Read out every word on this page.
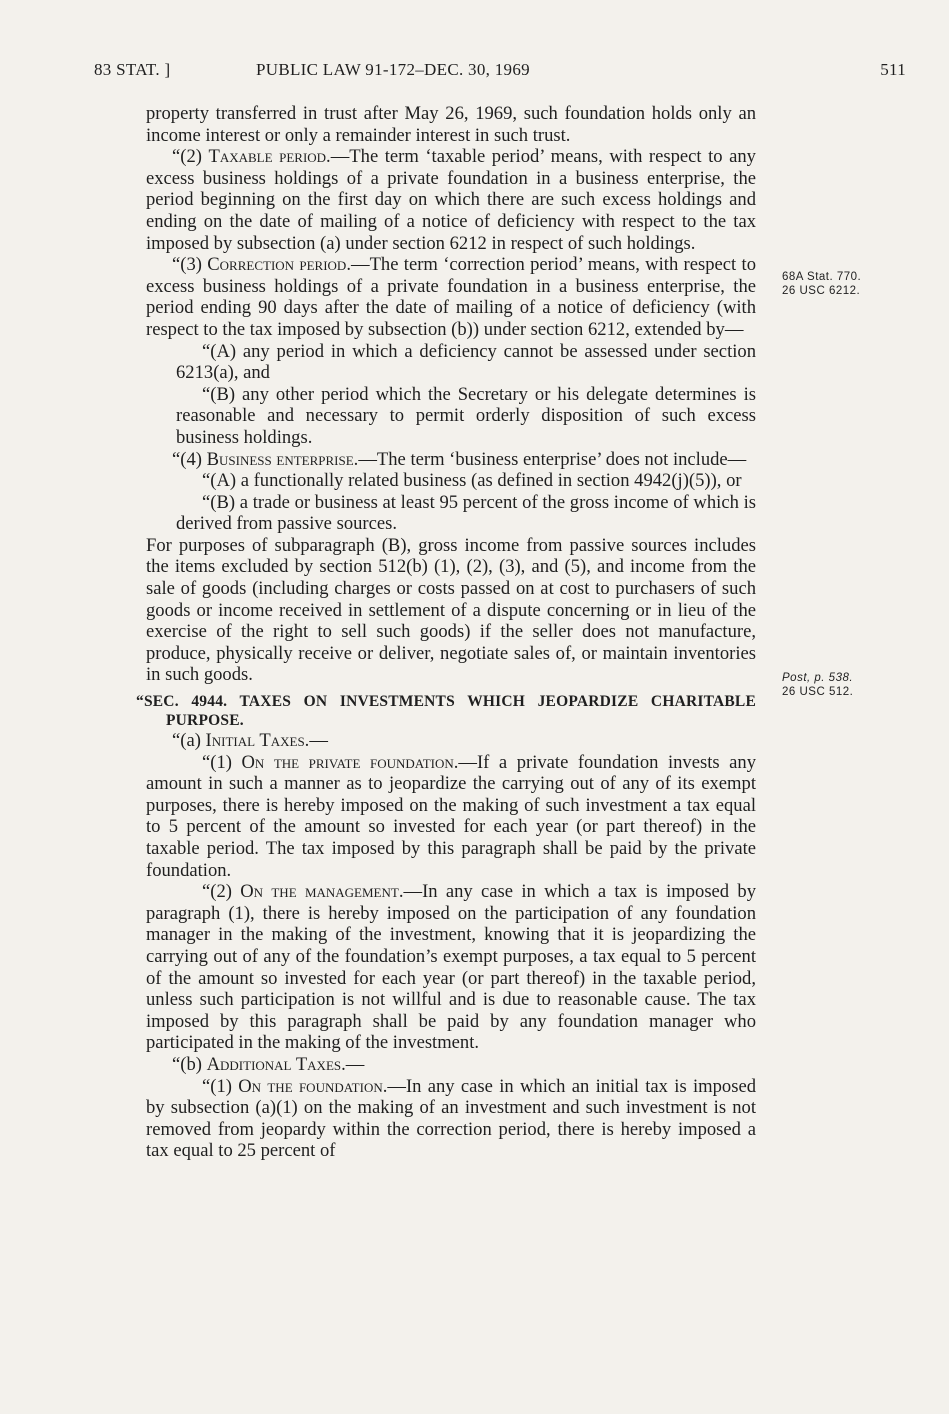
83 STAT. ]	PUBLIC LAW 91-172–DEC. 30, 1969	511
68A Stat. 770.
26 USC 6212.
Post, p. 538.
26 USC 512.

property transferred in trust after May 26, 1969, such foundation holds only an income interest or only a remainder interest in such trust.

“(2) Taxable period.—The term ‘taxable period’ means, with respect to any excess business holdings of a private foundation in a business enterprise, the period beginning on the first day on which there are such excess holdings and ending on the date of mailing of a notice of deficiency with respect to the tax imposed by subsection (a) under section 6212 in respect of such holdings.

“(3) Correction period.—The term ‘correction period’ means, with respect to excess business holdings of a private foundation in a business enterprise, the period ending 90 days after the date of mailing of a notice of deficiency (with respect to the tax imposed by subsection (b)) under section 6212, extended by—

“(A) any period in which a deficiency cannot be assessed under section 6213(a), and

“(B) any other period which the Secretary or his delegate determines is reasonable and necessary to permit orderly disposition of such excess business holdings.

“(4) Business enterprise.—The term ‘business enterprise’ does not include—

“(A) a functionally related business (as defined in section 4942(j)(5)), or

“(B) a trade or business at least 95 percent of the gross income of which is derived from passive sources.

For purposes of subparagraph (B), gross income from passive sources includes the items excluded by section 512(b) (1), (2), (3), and (5), and income from the sale of goods (including charges or costs passed on at cost to purchasers of such goods or income received in settlement of a dispute concerning or in lieu of the exercise of the right to sell such goods) if the seller does not manufacture, produce, physically receive or deliver, negotiate sales of, or maintain inventories in such goods.

“SEC. 4944. TAXES ON INVESTMENTS WHICH JEOPARDIZE CHARITABLE PURPOSE.

“(a) Initial Taxes.—

“(1) On the private foundation.—If a private foundation invests any amount in such a manner as to jeopardize the carrying out of any of its exempt purposes, there is hereby imposed on the making of such investment a tax equal to 5 percent of the amount so invested for each year (or part thereof) in the taxable period. The tax imposed by this paragraph shall be paid by the private foundation.

“(2) On the management.—In any case in which a tax is imposed by paragraph (1), there is hereby imposed on the participation of any foundation manager in the making of the investment, knowing that it is jeopardizing the carrying out of any of the foundation’s exempt purposes, a tax equal to 5 percent of the amount so invested for each year (or part thereof) in the taxable period, unless such participation is not willful and is due to reasonable cause. The tax imposed by this paragraph shall be paid by any foundation manager who participated in the making of the investment.

“(b) Additional Taxes.—

“(1) On the foundation.—In any case in which an initial tax is imposed by subsection (a)(1) on the making of an investment and such investment is not removed from jeopardy within the correction period, there is hereby imposed a tax equal to 25 percent of
